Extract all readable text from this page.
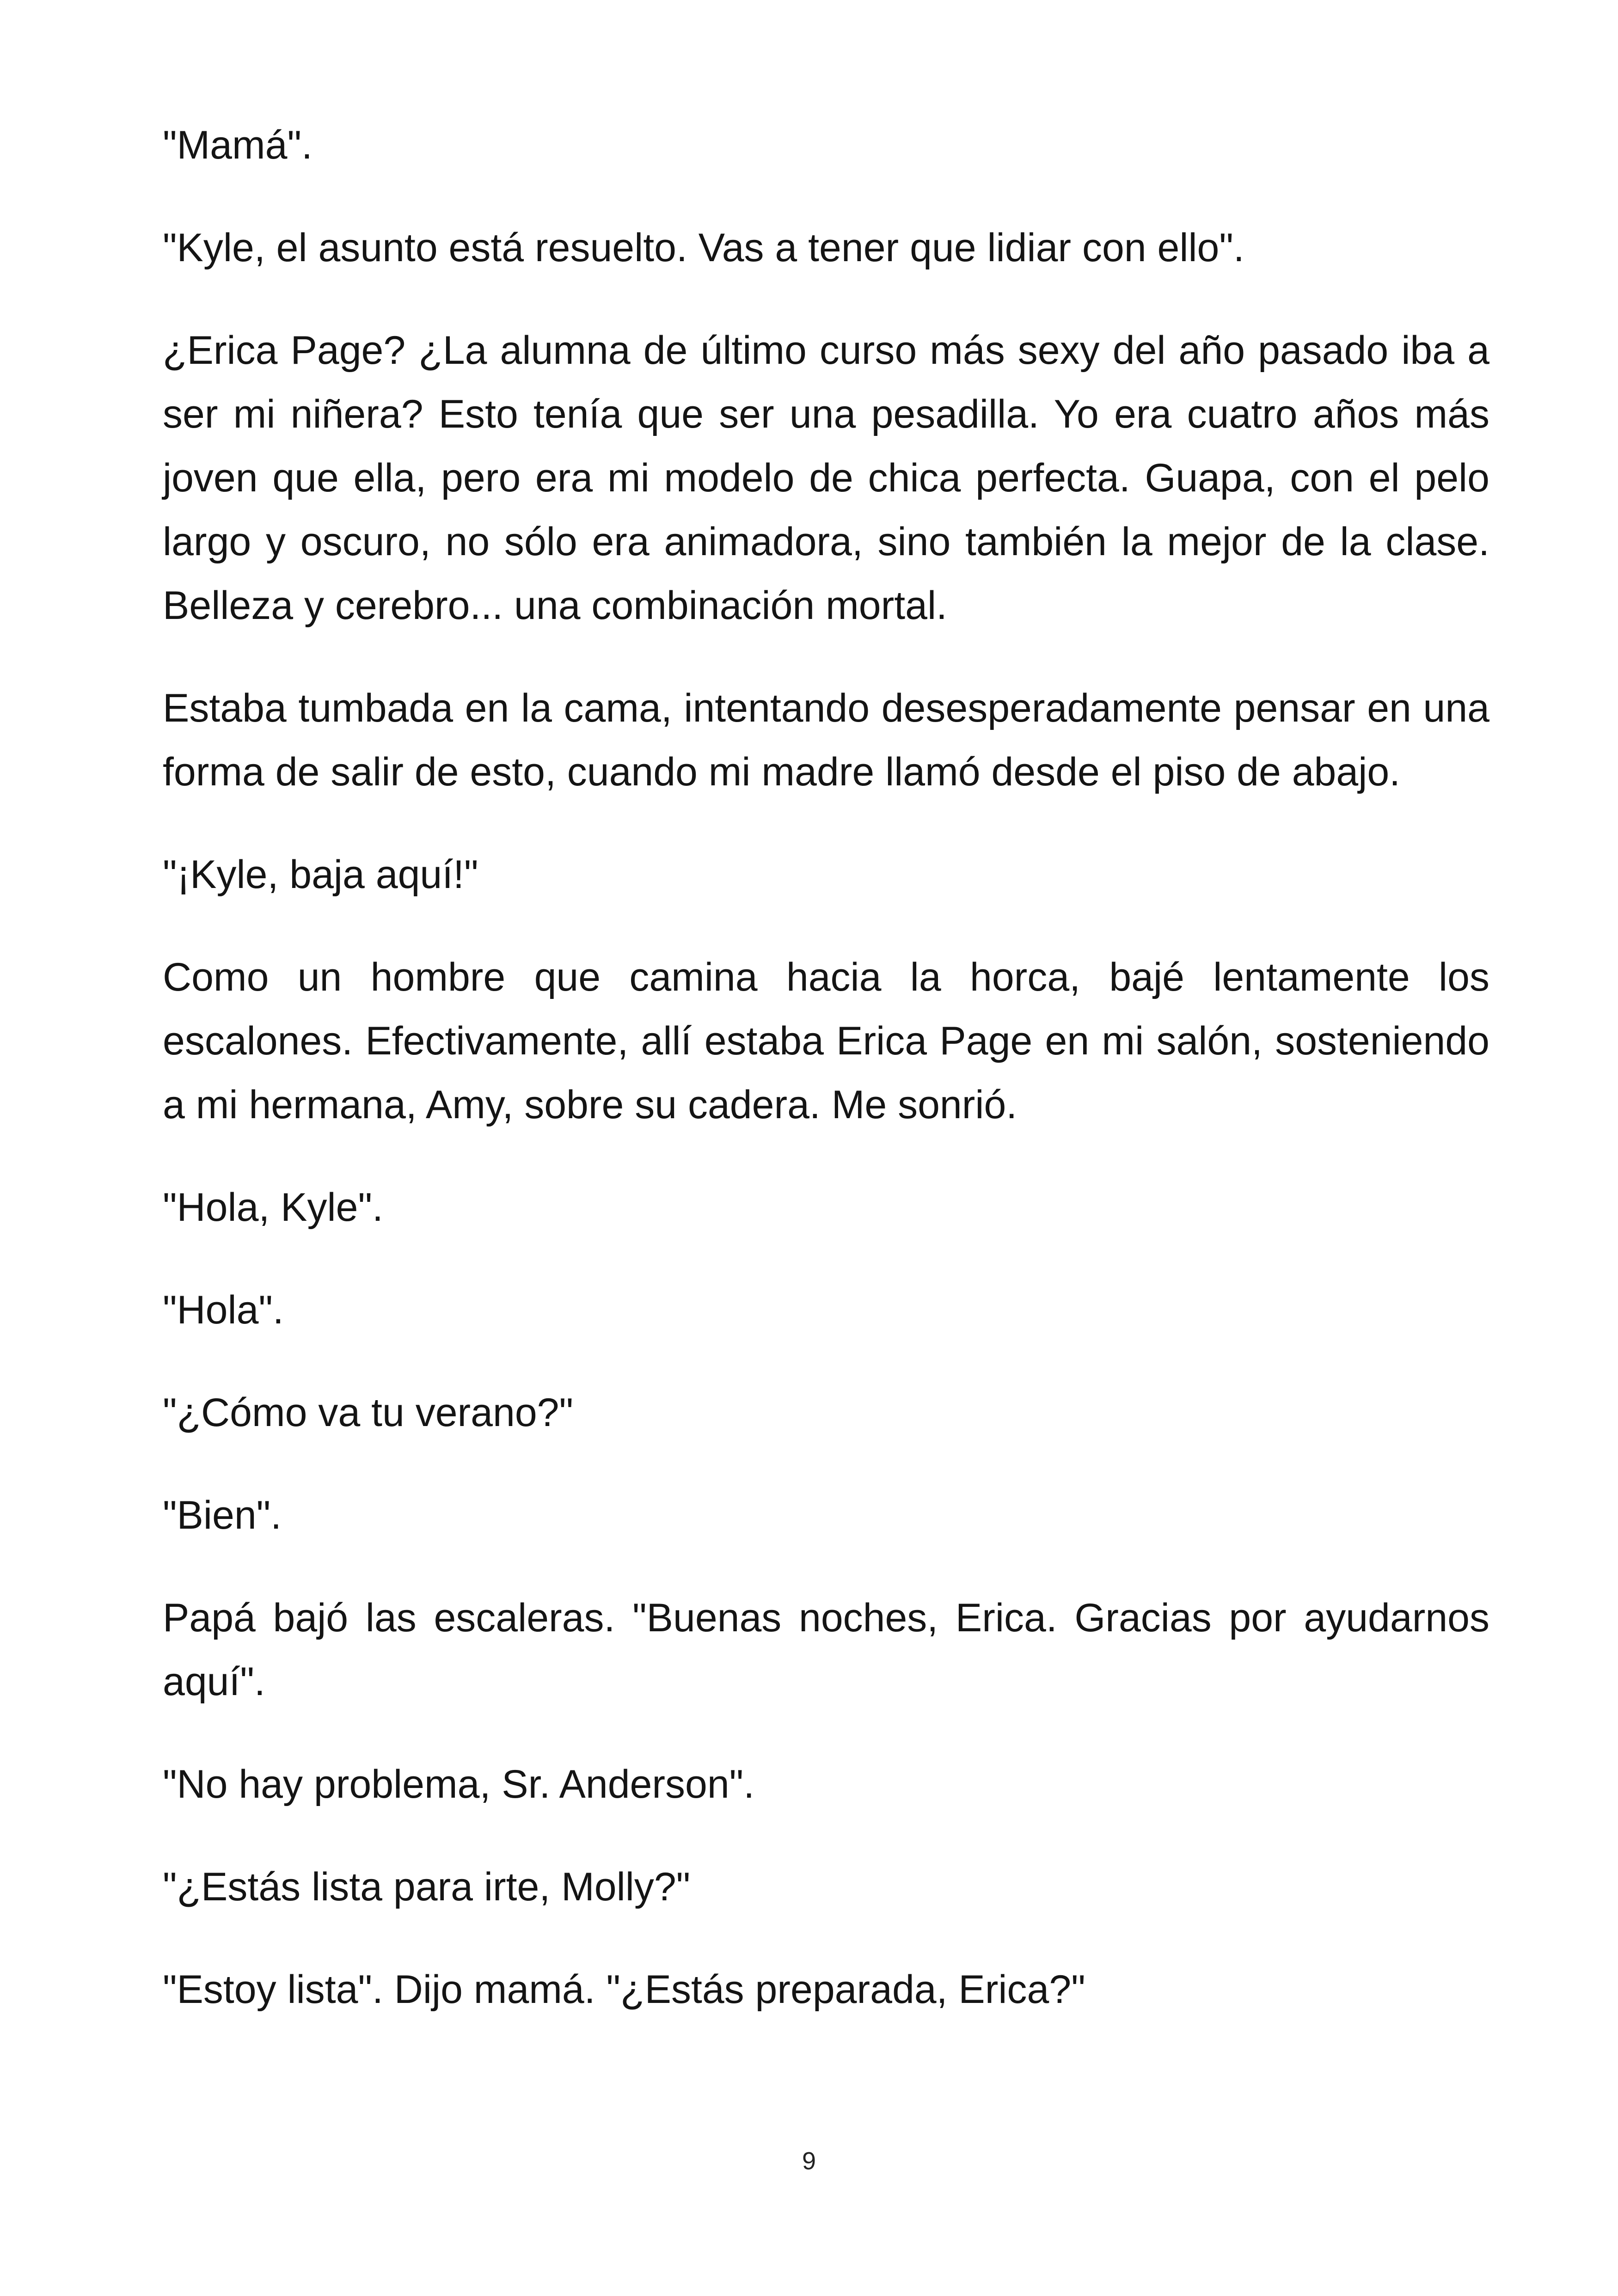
"Mamá".

"Kyle, el asunto está resuelto. Vas a tener que lidiar con ello".

¿Erica Page? ¿La alumna de último curso más sexy del año pasado iba a ser mi niñera? Esto tenía que ser una pesadilla. Yo era cuatro años más joven que ella, pero era mi modelo de chica perfecta. Guapa, con el pelo largo y oscuro, no sólo era animadora, sino también la mejor de la clase. Belleza y cerebro... una combinación mortal.

Estaba tumbada en la cama, intentando desesperadamente pensar en una forma de salir de esto, cuando mi madre llamó desde el piso de abajo.

"¡Kyle, baja aquí!"

Como un hombre que camina hacia la horca, bajé lentamente los escalones. Efectivamente, allí estaba Erica Page en mi salón, sosteniendo a mi hermana, Amy, sobre su cadera. Me sonrió.

"Hola, Kyle".

"Hola".

"¿Cómo va tu verano?"

"Bien".

Papá bajó las escaleras. "Buenas noches, Erica. Gracias por ayudarnos aquí".

"No hay problema, Sr. Anderson".

"¿Estás lista para irte, Molly?"

"Estoy lista". Dijo mamá. "¿Estás preparada, Erica?"

9
